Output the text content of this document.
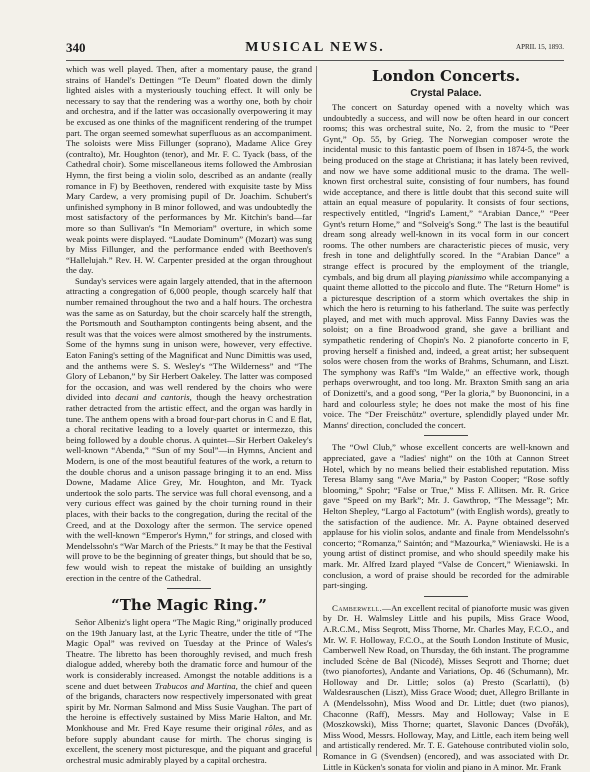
340	MUSICAL NEWS.	APRIL 15, 1893.

which was well played. Then, after a momentary pause, the grand strains of Handel's Dettingen “Te Deum” floated down the dimly lighted aisles with a mysteriously touching effect. It will only be necessary to say that the rendering was a worthy one, both by choir and orchestra, and if the latter was occasionally overpowering it may be excused as one thinks of the magnificent rendering of the trumpet part. The organ seemed somewhat superfluous as an accompaniment. The soloists were Miss Fillunger (soprano), Madame Alice Grey (contralto), Mr. Houghton (tenor), and Mr. F. C. Tyack (bass, of the Cathedral choir). Some miscellaneous items followed the Ambrosian Hymn, the first being a violin solo, described as an andante (really romance in F) by Beethoven, rendered with exquisite taste by Miss Mary Cardew, a very promising pupil of Dr. Joachim. Schubert's unfinished symphony in B minor followed, and was undoubtedly the most satisfactory of the performances by Mr. Kitchin's band—far more so than Sullivan's “In Memoriam” overture, in which some weak points were displayed. “Laudate Dominum” (Mozart) was sung by Miss Fillunger, and the performance ended with Beethoven's “Hallelujah.” Rev. H. W. Carpenter presided at the organ throughout the day.

Sunday's services were again largely attended, that in the afternoon attracting a congregation of 6,000 people, though scarcely half that number remained throughout the two and a half hours. The orchestra was the same as on Saturday, but the choir scarcely half the strength, the Portsmouth and Southampton contingents being absent, and the result was that the voices were almost smothered by the instruments. Some of the hymns sung in unison were, however, very effective. Eaton Faning's setting of the Magnificat and Nunc Dimittis was used, and the anthems were S. S. Wesley's “The Wilderness” and “The Glory of Lebanon,” by Sir Herbert Oakeley. The latter was composed for the occasion, and was well rendered by the choirs who were divided into decani and cantoris, though the heavy orchestration rather detracted from the artistic effect, and the organ was hardly in tune. The anthem opens with a broad four-part chorus in C and E flat, a choral recitative leading to a lovely quartet or intermezzo, this being followed by a double chorus. A quintet—Sir Herbert Oakeley's well-known “Abenda,” “Sun of my Soul”—in Hymns, Ancient and Modern, is one of the most beautiful features of the work, a return to the double chorus and a unison passage bringing it to an end. Miss Downe, Madame Alice Grey, Mr. Houghton, and Mr. Tyack undertook the solo parts. The service was full choral evensong, and a very curious effect was gained by the choir turning round in their places, with their backs to the congregation, during the recital of the Creed, and at the Doxology after the sermon. The service opened with the well-known “Emperor's Hymn,” for strings, and closed with Mendelssohn's “War March of the Priests.” It may be that the Festival will prove to be the beginning of greater things, but should that be so, few would wish to repeat the mistake of building an unsightly erection in the centre of the Cathedral.

“The Magic Ring.”

Señor Albeniz's light opera “The Magic Ring,” originally produced on the 19th January last, at the Lyric Theatre, under the title of “The Magic Opal” was revived on Tuesday at the Prince of Wales's Theatre. The libretto has been thoroughly revised, and much fresh dialogue added, whereby both the dramatic force and humour of the work is considerably increased. Amongst the notable additions is a scene and duet between Trabucos and Martina, the chief and queen of the brigands, characters now respectively impersonated with great spirit by Mr. Norman Salmond and Miss Susie Vaughan. The part of the heroine is effectively sustained by Miss Marie Halton, and Mr. Monkhouse and Mr. Fred Kaye resume their original rôles, and as before supply abundant cause for mirth. The chorus singing is excellent, the scenery most picturesque, and the piquant and graceful orchestral music admirably played by a capital orchestra.

London Concerts.
Crystal Palace.

The concert on Saturday opened with a novelty which was undoubtedly a success, and will now be often heard in our concert rooms; this was orchestral suite, No. 2, from the music to “Peer Gynt,” Op. 55, by Grieg. The Norwegian composer wrote the incidental music to this fantastic poem of Ibsen in 1874-5, the work being produced on the stage at Christiana; it has lately been revived, and now we have some additional music to the drama. The well-known first orchestral suite, consisting of four numbers, has found wide acceptance, and there is little doubt that this second suite will attain an equal measure of popularity. It consists of four sections, respectively entitled, “Ingrid's Lament,” “Arabian Dance,” “Peer Gynt's return Home,” and “Solveig's Song.” The last is the beautiful dream song already well-known in its vocal form in our concert rooms. The other numbers are characteristic pieces of music, very fresh in tone and delightfully scored. In the “Arabian Dance” a strange effect is procured by the employment of the triangle, cymbals, and big drum all playing pianissimo while accompanying a quaint theme allotted to the piccolo and flute. The “Return Home” is a picturesque description of a storm which overtakes the ship in which the hero is returning to his fatherland. The suite was perfectly played, and met with much approval. Miss Fanny Davies was the soloist; on a fine Broadwood grand, she gave a brilliant and sympathetic rendering of Chopin's No. 2 pianoforte concerto in F, proving herself a finished and, indeed, a great artist; her subsequent solos were chosen from the works of Brahms, Schumann, and Liszt. The symphony was Raff's “Im Walde,” an effective work, though perhaps overwrought, and too long. Mr. Braxton Smith sang an aria of Donizetti's, and a good song, “Per la gloria,” by Buononcini, in a hard and colourless style; he does not make the most of his fine voice. The “Der Freischütz” overture, splendidly played under Mr. Manns' direction, concluded the concert.

The “Owl Club,” whose excellent concerts are well-known and appreciated, gave a “ladies' night” on the 10th at Cannon Street Hotel, which by no means belied their established reputation. Miss Teresa Blamy sang “Ave Maria,” by Paston Cooper; “Rose softly blooming,” Spohr; “False or True,” Miss F. Allitsen. Mr. R. Grice gave “Speed on my Bark”; Mr. J. Gawthrop, “The Message”; Mr. Helton Shepley, “Largo al Factotum” (with English words), greatly to the satisfaction of the audience. Mr. A. Payne obtained deserved applause for his violin solos, andante and finale from Mendelssohn's concerto; “Romanza,” Saintón; and “Mazourka,” Wieniawski. He is a young artist of distinct promise, and who should speedily make his mark. Mr. Alfred Izard played “Valse de Concert,” Wieniawski. In conclusion, a word of praise should be recorded for the admirable part-singing.

Camberwell.—An excellent recital of pianoforte music was given by Dr. H. Walmsley Little and his pupils, Miss Grace Wood, A.R.C.M., Miss Seqrott, Miss Thorne, Mr. Charles May, F.C.O., and Mr. W. F. Holloway, F.C.O., at the South London Institute of Music, Camberwell New Road, on Thursday, the 6th instant. The programme included Scène de Bal (Nicodé), Misses Seqrott and Thorne; duet (two pianofortes), Andante and Variations, Op. 46 (Schumann), Mr. Holloway and Dr. Little; solos (a) Presto (Scarlatti), (b) Waldesrauschen (Liszt), Miss Grace Wood; duet, Allegro Brillante in A (Mendelssohn), Miss Wood and Dr. Little; duet (two pianos), Chaconne (Raff), Messrs. May and Holloway; Valse in E (Moszkowski), Miss Thorne; quartet, Slavonic Dances (Dvořák), Miss Wood, Messrs. Holloway, May, and Little, each item being well and artistically rendered. Mr. T. E. Gatehouse contributed violin solo, Romance in G (Svendsen) (encored), and was associated with Dr. Little in Kücken's sonata for violin and piano in A minor. Mr. Frank
